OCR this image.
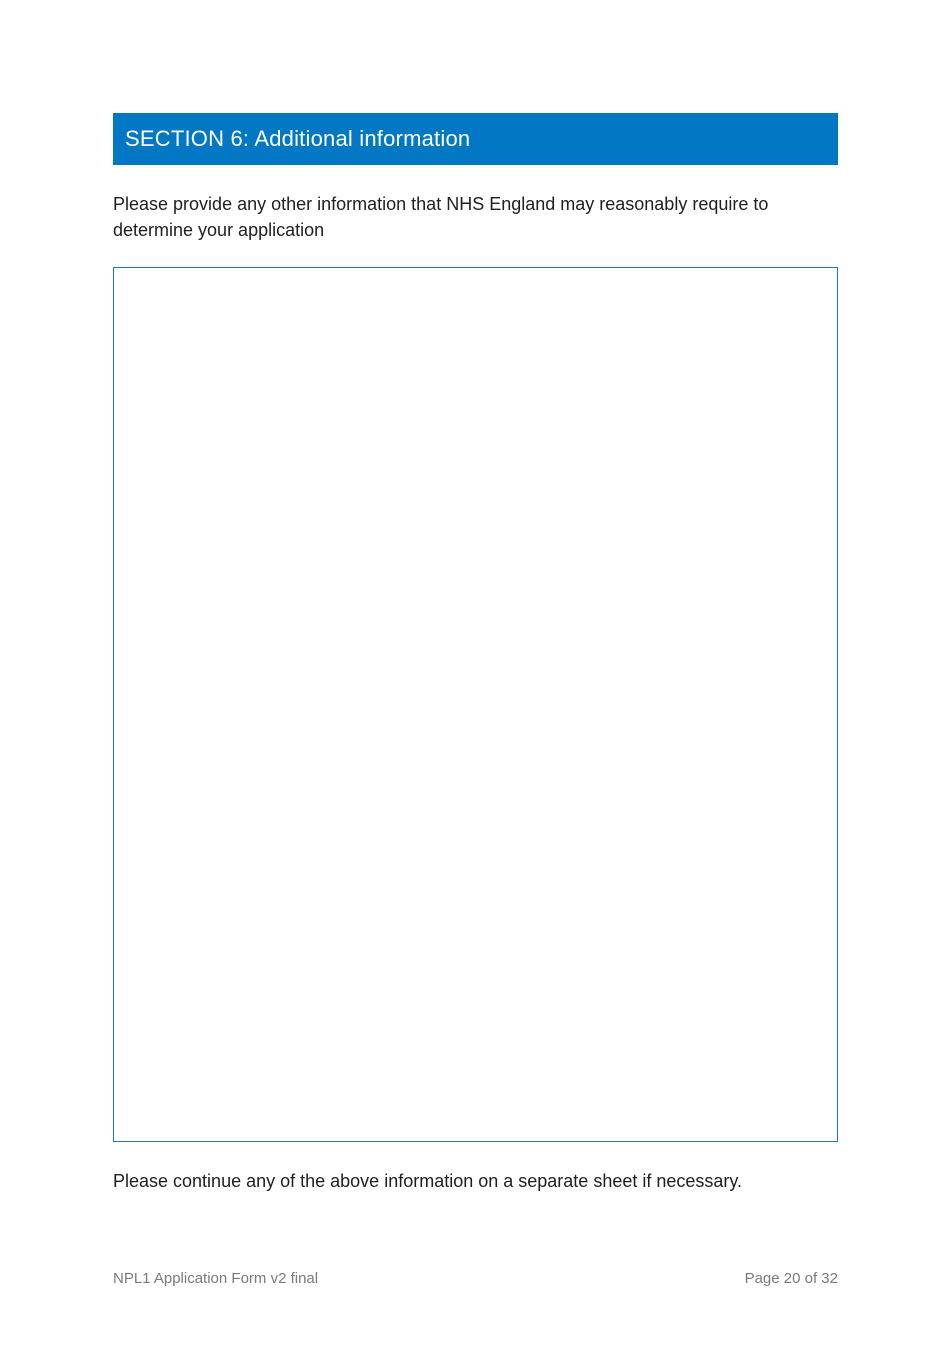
SECTION 6: Additional information
Please provide any other information that NHS England may reasonably require to determine your application
Please continue any of the above information on a separate sheet if necessary.
NPL1 Application Form v2 final	Page 20 of 32
